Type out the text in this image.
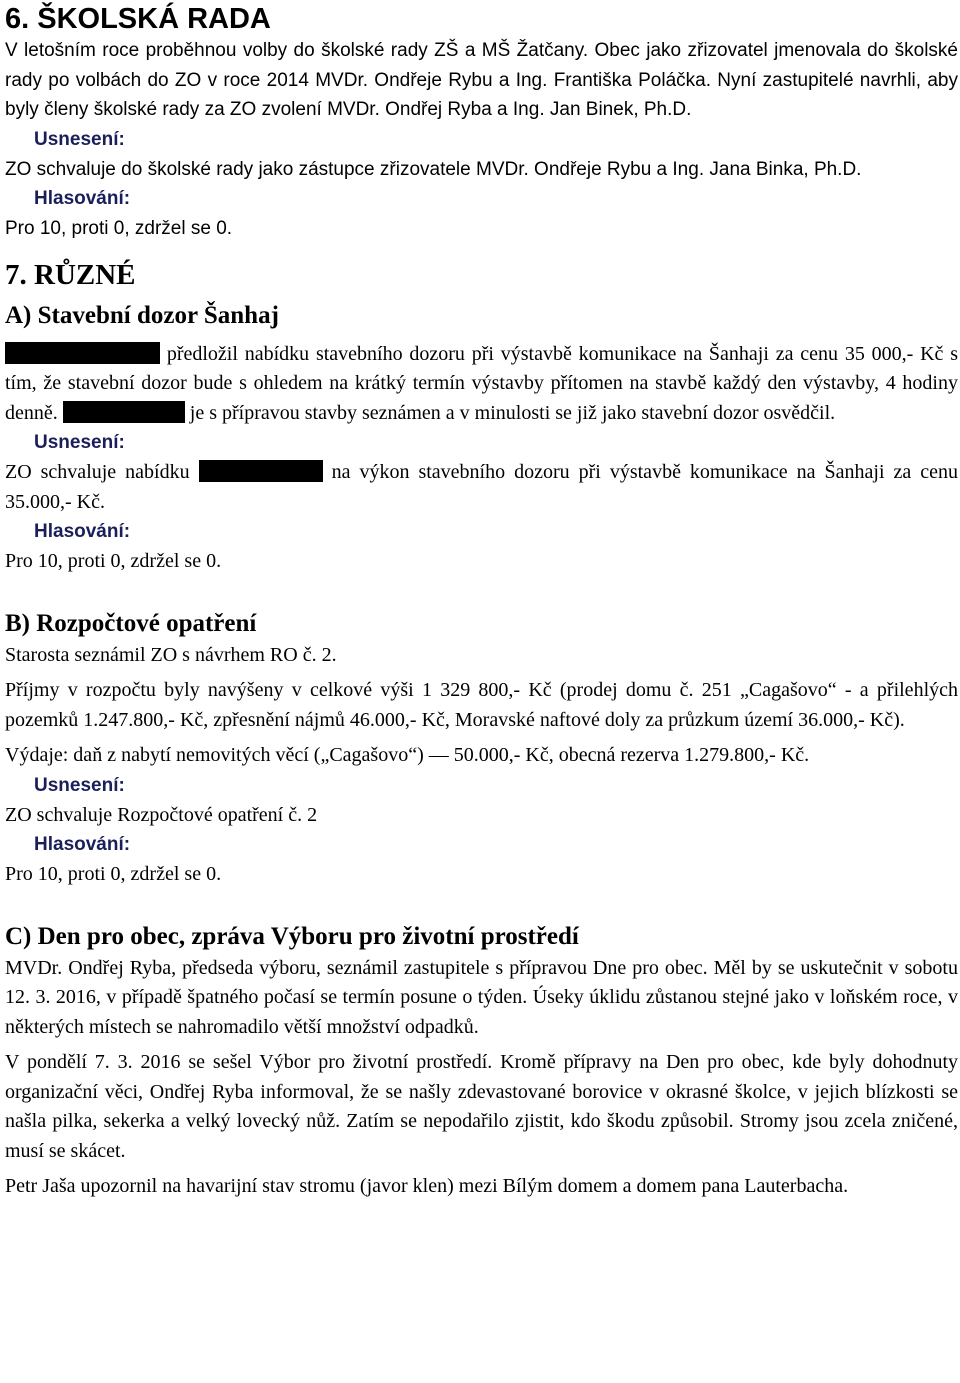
6. ŠKOLSKÁ RADA

V letošním roce proběhnou volby do školské rady ZŠ a MŠ Žatčany. Obec jako zřizovatel jmenovala do školské rady po volbách do ZO v roce 2014 MVDr. Ondřeje Rybu a Ing. Františka Poláčka. Nyní zastupitelé navrhli, aby byly členy školské rady za ZO zvolení MVDr. Ondřej Ryba a Ing. Jan Binek, Ph.D.

Usnesení:

ZO schvaluje do školské rady jako zástupce zřizovatele MVDr. Ondřeje Rybu a Ing. Jana Binka, Ph.D.

Hlasování:

Pro 10, proti 0, zdržel se 0.

7. RŮZNÉ
A) Stavební dozor Šanhaj

předložil nabídku stavebního dozoru při výstavbě komunikace na Šanhaji za cenu 35 000,- Kč s tím, že stavební dozor bude s ohledem na krátký termín výstavby přítomen na stavbě každý den výstavby, 4 hodiny denně.	je s přípravou stavby seznámen a v minulosti se již jako stavební dozor osvědčil.

Usnesení:

ZO schvaluje nabídku	na výkon stavebního dozoru při výstavbě komunikace na Šanhaji za cenu 35.000,- Kč.

Hlasování:

Pro 10, proti 0, zdržel se 0.

B) Rozpočtové opatření

Starosta seznámil ZO s návrhem RO č. 2.

Příjmy v rozpočtu byly navýšeny v celkové výši 1 329 800,- Kč (prodej domu č. 251 „Cagašovo“ - a přilehlých pozemků 1.247.800,- Kč, zpřesnění nájmů 46.000,- Kč, Moravské naftové doly za průzkum území 36.000,- Kč).

Výdaje: daň z nabytí nemovitých věcí („Cagašovo“) — 50.000,- Kč, obecná rezerva 1.279.800,- Kč.

Usnesení:

ZO schvaluje Rozpočtové opatření č. 2

Hlasování:

Pro 10, proti 0, zdržel se 0.

C) Den pro obec, zpráva Výboru pro životní prostředí

MVDr. Ondřej Ryba, předseda výboru, seznámil zastupitele s přípravou Dne pro obec. Měl by se uskutečnit v sobotu 12. 3. 2016, v případě špatného počasí se termín posune o týden. Úseky úklidu zůstanou stejné jako v loňském roce, v některých místech se nahromadilo větší množství odpadků.

V pondělí 7. 3. 2016 se sešel Výbor pro životní prostředí. Kromě přípravy na Den pro obec, kde byly dohodnuty organizační věci, Ondřej Ryba informoval, že se našly zdevastované borovice v okrasné školce, v jejich blízkosti se našla pilka, sekerka a velký lovecký nůž. Zatím se nepodařilo zjistit, kdo škodu způsobil. Stromy jsou zcela zničené, musí se skácet.

Petr Jaša upozornil na havarijní stav stromu (javor klen) mezi Bílým domem a domem pana Lauterbacha.
